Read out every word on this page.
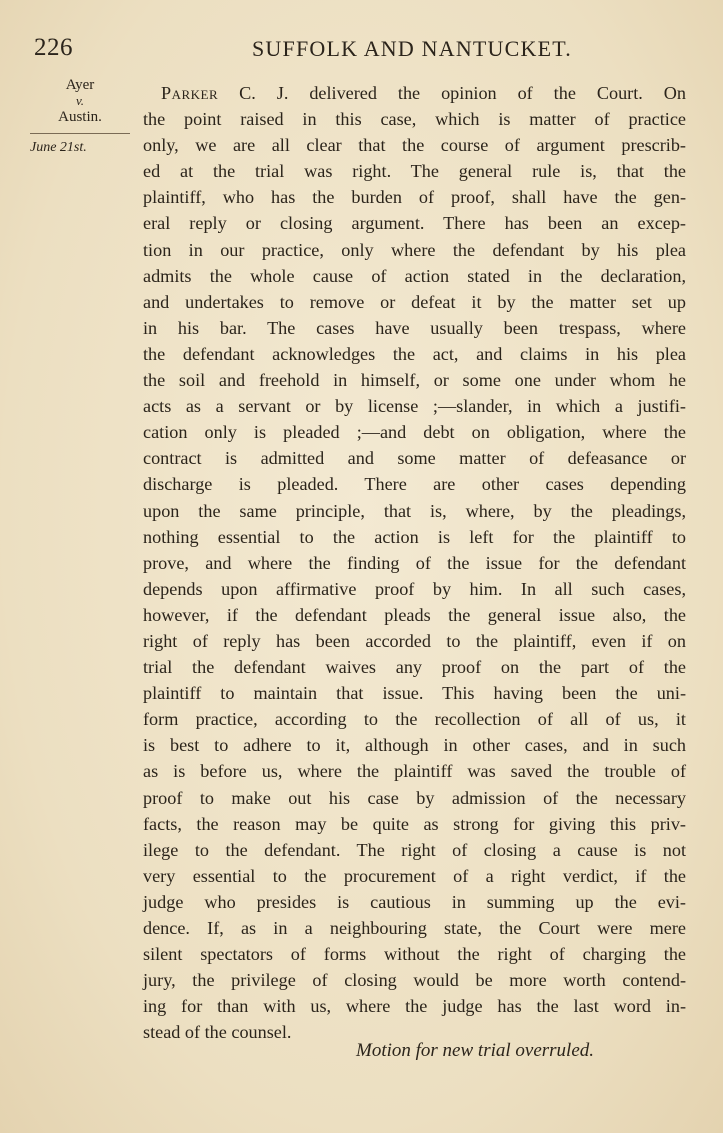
226	SUFFOLK AND NANTUCKET.
Ayer
v.
Austin.
June 21st.
Parker C. J. delivered the opinion of the Court. On
the point raised in this case, which is matter of practice
only, we are all clear that the course of argument prescrib-
ed at the trial was right. The general rule is, that the
plaintiff, who has the burden of proof, shall have the gen-
eral reply or closing argument. There has been an excep-
tion in our practice, only where the defendant by his plea
admits the whole cause of action stated in the declaration,
and undertakes to remove or defeat it by the matter set up
in his bar. The cases have usually been trespass, where
the defendant acknowledges the act, and claims in his plea
the soil and freehold in himself, or some one under whom he
acts as a servant or by license ;—slander, in which a justifi-
cation only is pleaded ;—and debt on obligation, where the
contract is admitted and some matter of defeasance or
discharge is pleaded. There are other cases depending
upon the same principle, that is, where, by the pleadings,
nothing essential to the action is left for the plaintiff to
prove, and where the finding of the issue for the defendant
depends upon affirmative proof by him. In all such cases,
however, if the defendant pleads the general issue also, the
right of reply has been accorded to the plaintiff, even if on
trial the defendant waives any proof on the part of the
plaintiff to maintain that issue. This having been the uni-
form practice, according to the recollection of all of us, it
is best to adhere to it, although in other cases, and in such
as is before us, where the plaintiff was saved the trouble of
proof to make out his case by admission of the necessary
facts, the reason may be quite as strong for giving this priv-
ilege to the defendant. The right of closing a cause is not
very essential to the procurement of a right verdict, if the
judge who presides is cautious in summing up the evi-
dence. If, as in a neighbouring state, the Court were mere
silent spectators of forms without the right of charging the
jury, the privilege of closing would be more worth contend-
ing for than with us, where the judge has the last word in-
stead of the counsel.
Motion for new trial overruled.
